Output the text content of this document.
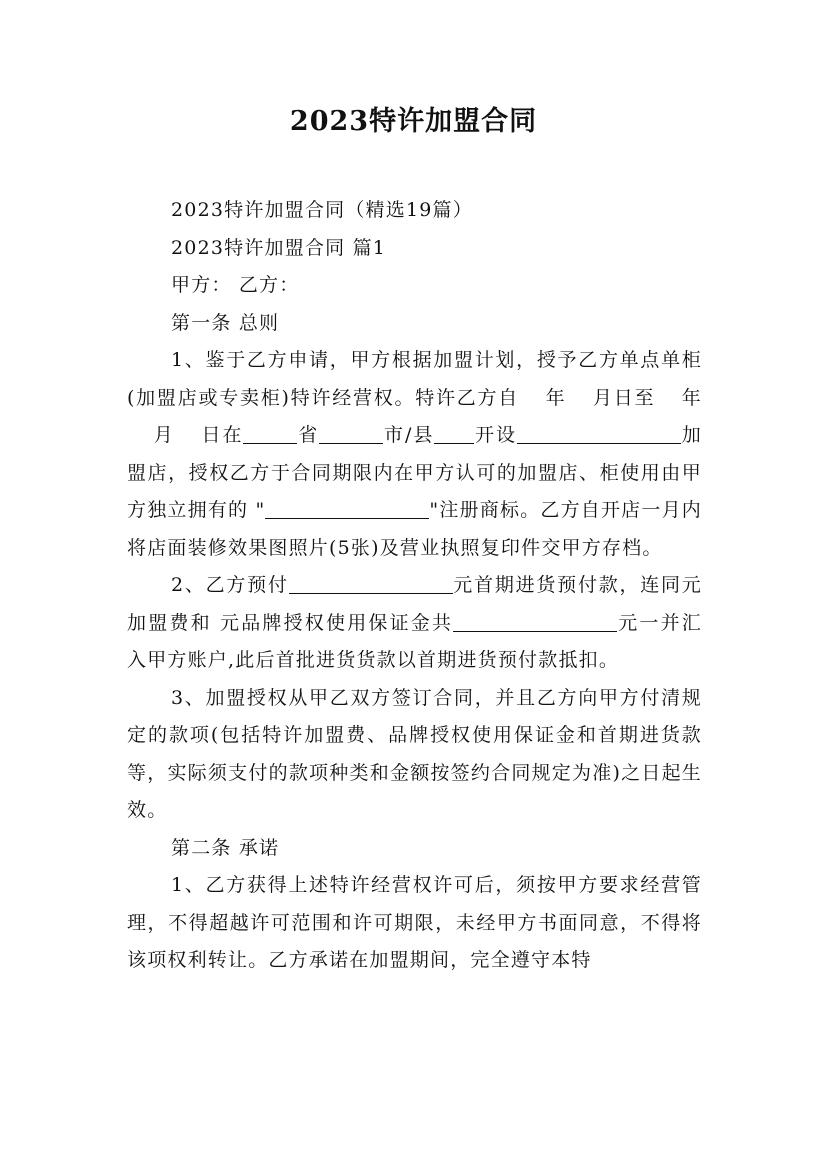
2023特许加盟合同

2023特许加盟合同（精选19篇）

2023特许加盟合同 篇1

甲方： 乙方：

第一条 总则

1、鉴于乙方申请，甲方根据加盟计划，授予乙方单点单柜(加盟店或专卖柜)特许经营权。特许乙方自 年 月日至 年月 日在	省	市/县 开设	加盟店，授权乙方于合同期限内在甲方认可的加盟店、柜使用由甲方独立拥有的 "	"注册商标。乙方自开店一月内将店面装修效果图照片(5张)及营业执照复印件交甲方存档。

2、乙方预付	元首期进货预付款，连同元加盟费和 元品牌授权使用保证金共	元一并汇入甲方账户,此后首批进货货款以首期进货预付款抵扣。

3、加盟授权从甲乙双方签订合同，并且乙方向甲方付清规定的款项(包括特许加盟费、品牌授权使用保证金和首期进货款等，实际须支付的款项种类和金额按签约合同规定为准)之日起生效。

第二条 承诺

1、乙方获得上述特许经营权许可后，须按甲方要求经营管理，不得超越许可范围和许可期限，未经甲方书面同意，不得将该项权利转让。乙方承诺在加盟期间，完全遵守本特
